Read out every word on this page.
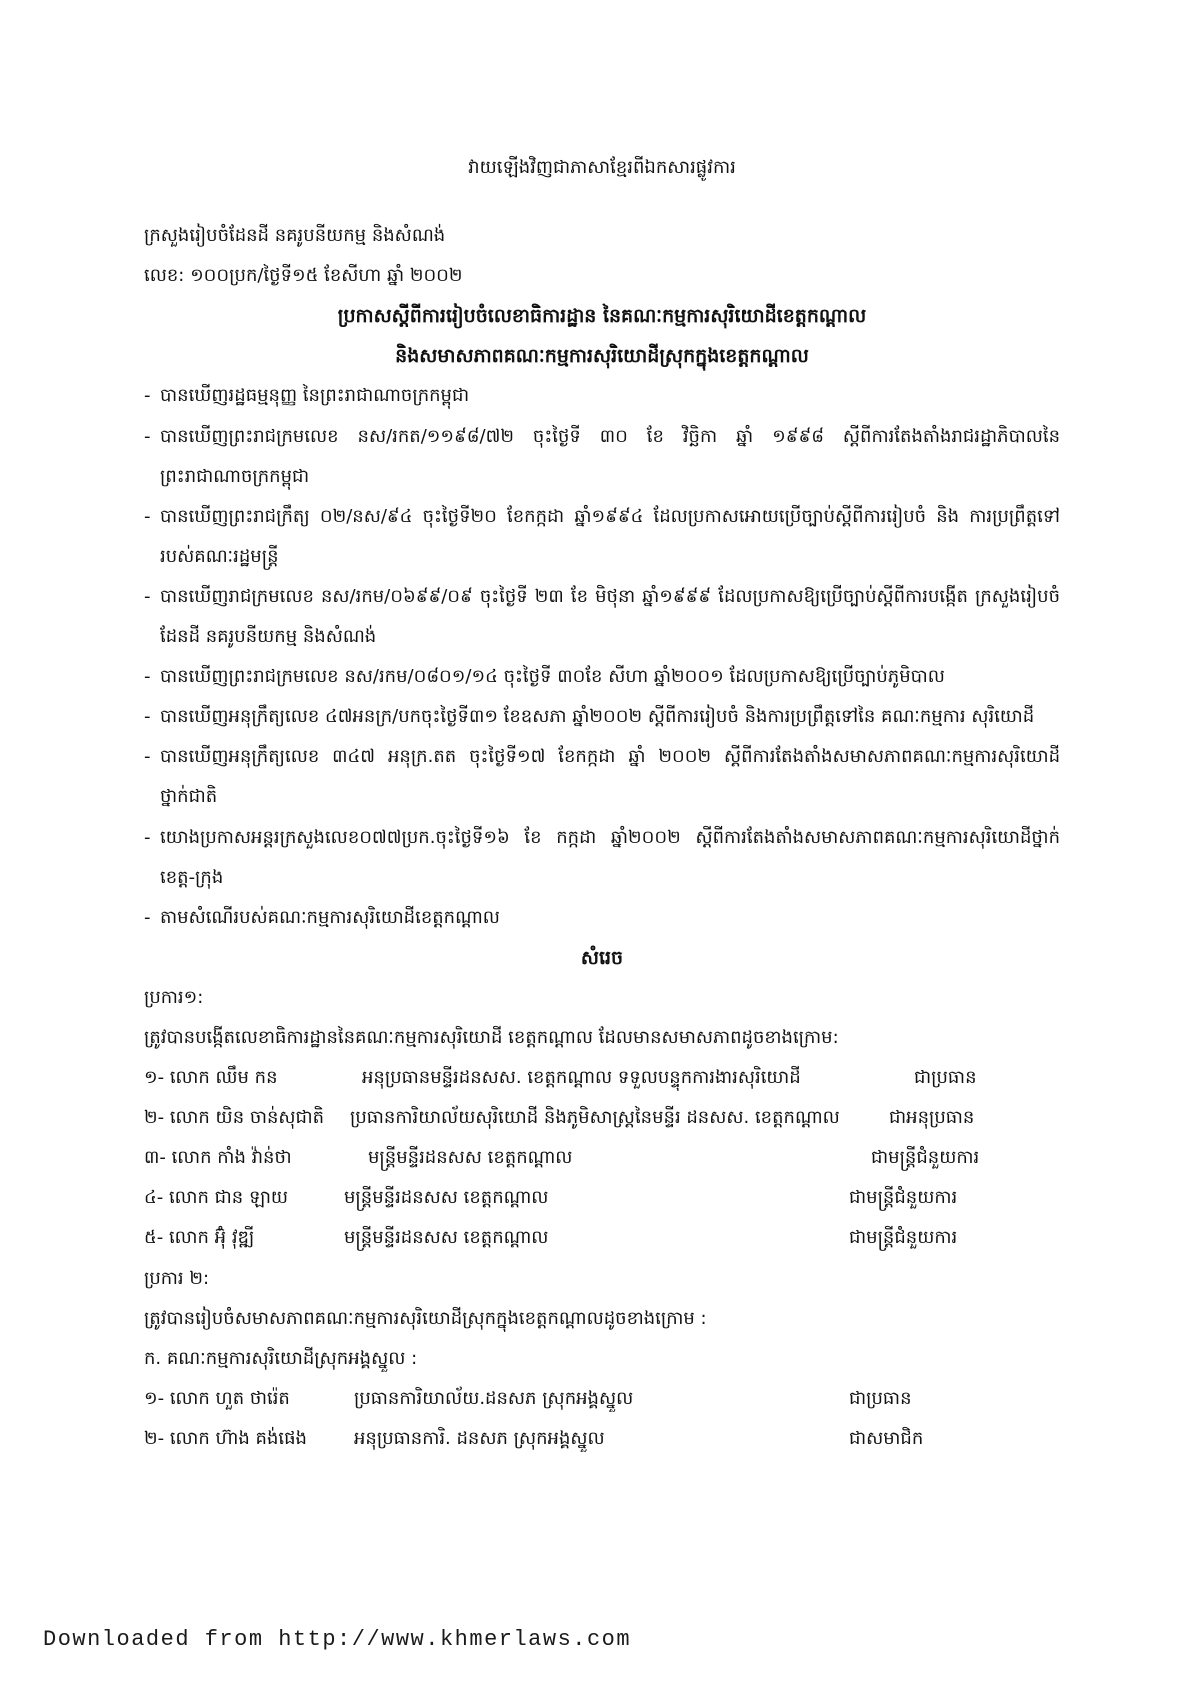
វាយឡើងវិញជាភាសាខ្មែរពីឯកសារផ្លូវការ
ក្រសួងរៀបចំដែនដី នគរូបនីយកម្ម និងសំណង់
លេខ: ១០០ប្រក/ថ្ងៃទី១៥ ខែសីហា ឆ្នាំ ២០០២
ប្រកាសស្តីពីការរៀបចំលេខាធិការដ្ឋាន នៃគណៈកម្មការសុរិយោដីខេត្តកណ្តាល
និងសមាសភាពគណៈកម្មការសុរិយោដីស្រុកក្នុងខេត្តកណ្តាល
- បានឃើញរដ្ឋធម្មនុញ្ញ នៃព្រះរាជាណាចក្រកម្ពុជា
- បានឃើញព្រះរាជក្រមលេខ នស/រកត/១១៩៨/៧២ ចុះថ្ងៃទី ៣០ ខែ វិច្ឆិកា ឆ្នាំ ១៩៩៨ ស្តីពីការតែងតាំងរាជរដ្ឋាភិបាលនៃ
ព្រះរាជាណាចក្រកម្ពុជា
- បានឃើញព្រះរាជក្រឹត្យ ០២/នស/៩៤ ចុះថ្ងៃទី២០ ខែកក្កដា ឆ្នាំ១៩៩៤ ដែលប្រកាសអោយប្រើច្បាប់ស្តីពីការរៀបចំ និង ការប្រព្រឹត្តទៅ
របស់គណៈរដ្ឋមន្ត្រី
- បានឃើញរាជក្រមលេខ នស/រកម/០៦៩៩/០៩ ចុះថ្ងៃទី ២៣ ខែ មិថុនា ឆ្នាំ១៩៩៩ ដែលប្រកាសឱ្យប្រើច្បាប់ស្តីពីការបង្កើត ក្រសួងរៀបចំ
ដែនដី នគរូបនីយកម្ម និងសំណង់
- បានឃើញព្រះរាជក្រមលេខ នស/រកម/០៨០១/១៤ ចុះថ្ងៃទី ៣០ខែ សីហា ឆ្នាំ២០០១ ដែលប្រកាសឱ្យប្រើច្បាប់ភូមិបាល
- បានឃើញអនុក្រឹត្យលេខ ៤៧អនក្រ/បកចុះថ្ងៃទី៣១ ខែឧសភា ឆ្នាំ២០០២ ស្តីពីការរៀបចំ និងការប្រព្រឹត្តទៅនៃ គណៈកម្មការ សុរិយោដី
- បានឃើញអនុក្រឹត្យលេខ ៣៤៧ អនុក្រ.តត ចុះថ្ងៃទី១៧ ខែកក្កដា ឆ្នាំ ២០០២ ស្តីពីការតែងតាំងសមាសភាពគណៈកម្មការសុរិយោដី
ថ្នាក់ជាតិ
- យោងប្រកាសអន្តរក្រសួងលេខ០៧៧ប្រក.ចុះថ្ងៃទី១៦ ខែ កក្កដា ឆ្នាំ២០០២ ស្តីពីការតែងតាំងសមាសភាពគណៈកម្មការសុរិយោដីថ្នាក់
ខេត្ត-ក្រុង
- តាមសំណើរបស់គណៈកម្មការសុរិយោដីខេត្តកណ្តាល
សំរេច
ប្រការ១:
ត្រូវបានបង្កើតលេខាធិការដ្ឋាននៃគណៈកម្មការសុរិយោដី ខេត្តកណ្តាល ដែលមានសមាសភាពដូចខាងក្រោម:
១- លោក ឈឹម កន	អនុប្រធានមន្ទីរដនសស. ខេត្តកណ្តាល ទទួលបន្ទុកការងារសុរិយោដី	ជាប្រធាន
២- លោក យិន ចាន់សុជាតិ	ប្រធានការិយាល័យសុរិយោដី និងភូមិសាស្ត្រនៃមន្ទីរ ដនសស. ខេត្តកណ្តាល	ជាអនុប្រធាន
៣- លោក កាំង វ៉ាន់ថា	មន្ត្រីមន្ទីរដនសស ខេត្តកណ្តាល	ជាមន្ត្រីជំនួយការ
៤- លោក ជាន ឡាយ	មន្ត្រីមន្ទីរដនសស ខេត្តកណ្តាល	ជាមន្ត្រីជំនួយការ
៥- លោក អ៊ុំ វុឌ្ឍី	មន្ត្រីមន្ទីរដនសស ខេត្តកណ្តាល	ជាមន្ត្រីជំនួយការ
ប្រការ ២:
ត្រូវបានរៀបចំសមាសភាពគណៈកម្មការសុរិយោដីស្រុកក្នុងខេត្តកណ្តាលដូចខាងក្រោម :
ក. គណៈកម្មការសុរិយោដីស្រុកអង្គស្នួល :
១- លោក ហួត ថារ៉េត	ប្រធានការិយាល័យ.ដនសភ ស្រុកអង្គស្នួល	ជាប្រធាន
២- លោក ហ៊ាង គង់ផេង	អនុប្រធានការិ. ដនសភ ស្រុកអង្គស្នួល	ជាសមាជិក
Downloaded from http://www.khmerlaws.com
